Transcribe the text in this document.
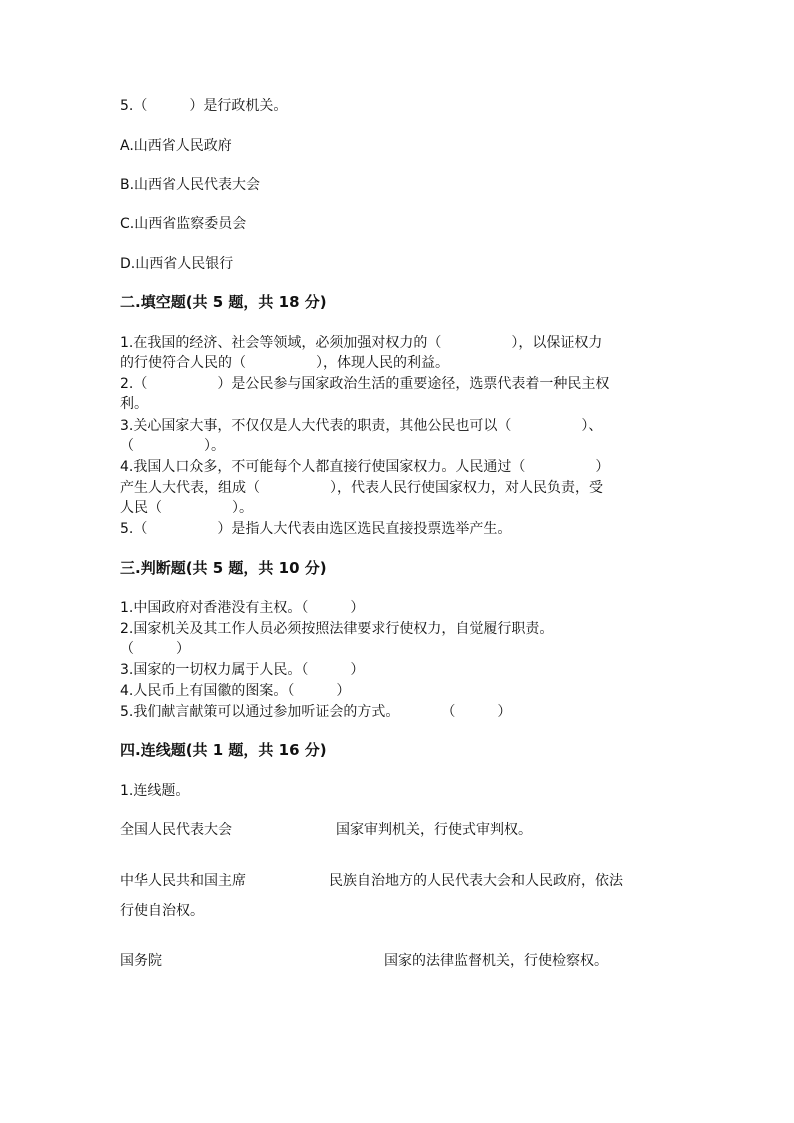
5.（　　　）是行政机关。
A.山西省人民政府
B.山西省人民代表大会
C.山西省监察委员会
D.山西省人民银行
二.填空题(共 5 题，共 18 分)
1.在我国的经济、社会等领域，必须加强对权力的（　　　　　），以保证权力
的行使符合人民的（　　　　　），体现人民的利益。
2.（　　　　　）是公民参与国家政治生活的重要途径，选票代表着一种民主权
利。
3.关心国家大事，不仅仅是人大代表的职责，其他公民也可以（　　　　　）、
（　　　　　）。
4.我国人口众多，不可能每个人都直接行使国家权力。人民通过（　　　　　）
产生人大代表，组成（　　　　　），代表人民行使国家权力，对人民负责，受
人民（　　　　　）。
5.（　　　　　）是指人大代表由选区选民直接投票选举产生。
三.判断题(共 5 题，共 10 分)
1.中国政府对香港没有主权。（　　　）
2.国家机关及其工作人员必须按照法律要求行使权力，自觉履行职责。
（　　　）
3.国家的一切权力属于人民。（　　　）
4.人民币上有国徽的图案。（　　　）
5.我们献言献策可以通过参加听证会的方式。　　　　（　　　）
四.连线题(共 1 题，共 16 分)
1.连线题。
全国人民代表大会	国家审判机关，行使式审判权。
中华人民共和国主席	民族自治地方的人民代表大会和人民政府，依法
行使自治权。
国务院	国家的法律监督机关，行使检察权。
